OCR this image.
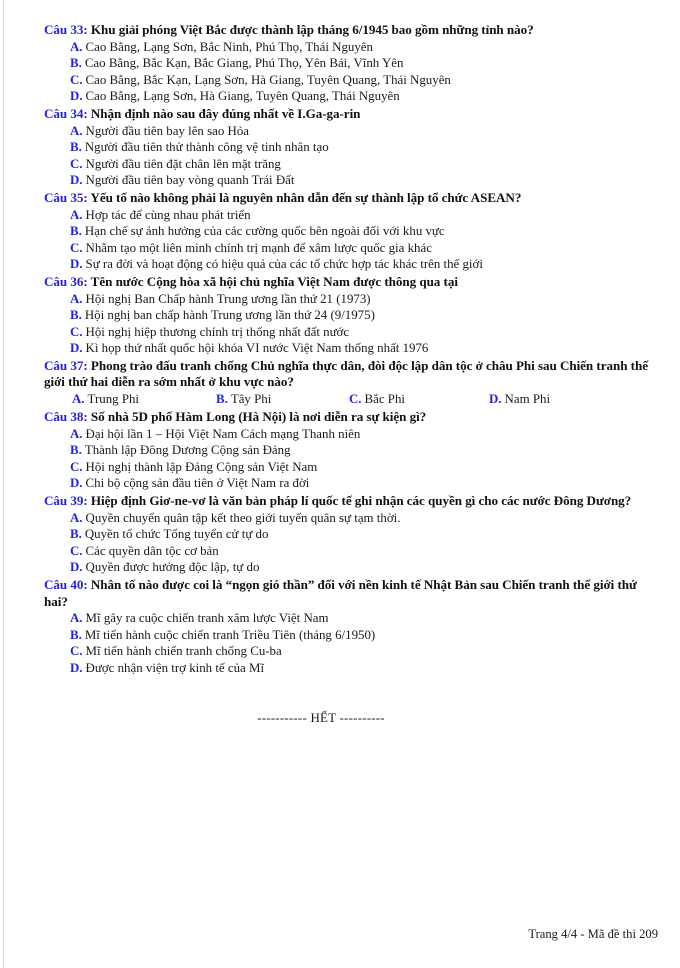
Câu 33: Khu giải phóng Việt Bắc được thành lập tháng 6/1945 bao gồm những tỉnh nào?

A. Cao Bằng, Lạng Sơn, Bắc Ninh, Phú Thọ, Thái Nguyên
B. Cao Bằng, Bắc Kạn, Bắc Giang, Phú Thọ, Yên Bái, Vĩnh Yên
C. Cao Bằng, Bắc Kạn, Lạng Sơn, Hà Giang, Tuyên Quang, Thái Nguyên
D. Cao Bằng, Lạng Sơn, Hà Giang, Tuyên Quang, Thái Nguyên

Câu 34: Nhận định nào sau đây đúng nhất về I.Ga-ga-rin

A. Người đầu tiên bay lên sao Hỏa
B. Người đầu tiên thử thành công vệ tinh nhân tạo
C. Người đầu tiên đặt chân lên mặt trăng
D. Người đầu tiên bay vòng quanh Trái Đất

Câu 35: Yếu tố nào không phải là nguyên nhân dẫn đến sự thành lập tổ chức ASEAN?

A. Hợp tác để cùng nhau phát triển
B. Hạn chế sự ảnh hưởng của các cường quốc bên ngoài đối với khu vực
C. Nhằm tạo một liên minh chính trị mạnh để xâm lược quốc gia khác
D. Sự ra đời và hoạt động có hiệu quả của các tổ chức hợp tác khác trên thế giới

Câu 36: Tên nước Cộng hòa xã hội chủ nghĩa Việt Nam được thông qua tại

A. Hội nghị Ban Chấp hành Trung ương lần thứ 21 (1973)
B. Hội nghị ban chấp hành Trung ương lần thứ 24 (9/1975)
C. Hội nghị hiệp thương chính trị thống nhất đất nước
D. Kì họp thứ nhất quốc hội khóa VI nước Việt Nam thống nhất 1976

Câu 37: Phong trào đấu tranh chống Chủ nghĩa thực dân, đòi độc lập dân tộc ở châu Phi sau Chiến tranh thế giới thứ hai diễn ra sớm nhất ở khu vực nào?

A. Trung Phi	B. Tây Phi	C. Bắc Phi	D. Nam Phi

Câu 38: Số nhà 5D phố Hàm Long (Hà Nội) là nơi diễn ra sự kiện gì?

A. Đại hội lần 1 – Hội Việt Nam Cách mạng Thanh niên
B. Thành lập Đông Dương Cộng sản Đảng
C. Hội nghị thành lập Đảng Cộng sản Việt Nam
D. Chi bộ cộng sản đầu tiên ở Việt Nam ra đời

Câu 39: Hiệp định Giơ-ne-vơ là văn bản pháp lí quốc tế ghi nhận các quyền gì cho các nước Đông Dương?

A. Quyền chuyển quân tập kết theo giới tuyến quân sự tạm thời.
B. Quyền tổ chức Tổng tuyển cử tự do
C. Các quyền dân tộc cơ bản
D. Quyền được hưởng độc lập, tự do

Câu 40: Nhân tố nào được coi là “ngọn gió thần” đối với nền kinh tế Nhật Bản sau Chiến tranh thế giới thứ hai?

A. Mĩ gây ra cuộc chiến tranh xâm lược Việt Nam
B. Mĩ tiến hành cuộc chiến tranh Triều Tiên (tháng 6/1950)
C. Mĩ tiến hành chiến tranh chống Cu-ba
D. Được nhận viện trợ kinh tế của Mĩ
----------- HẾT ----------
Trang 4/4 - Mã đề thi 209
